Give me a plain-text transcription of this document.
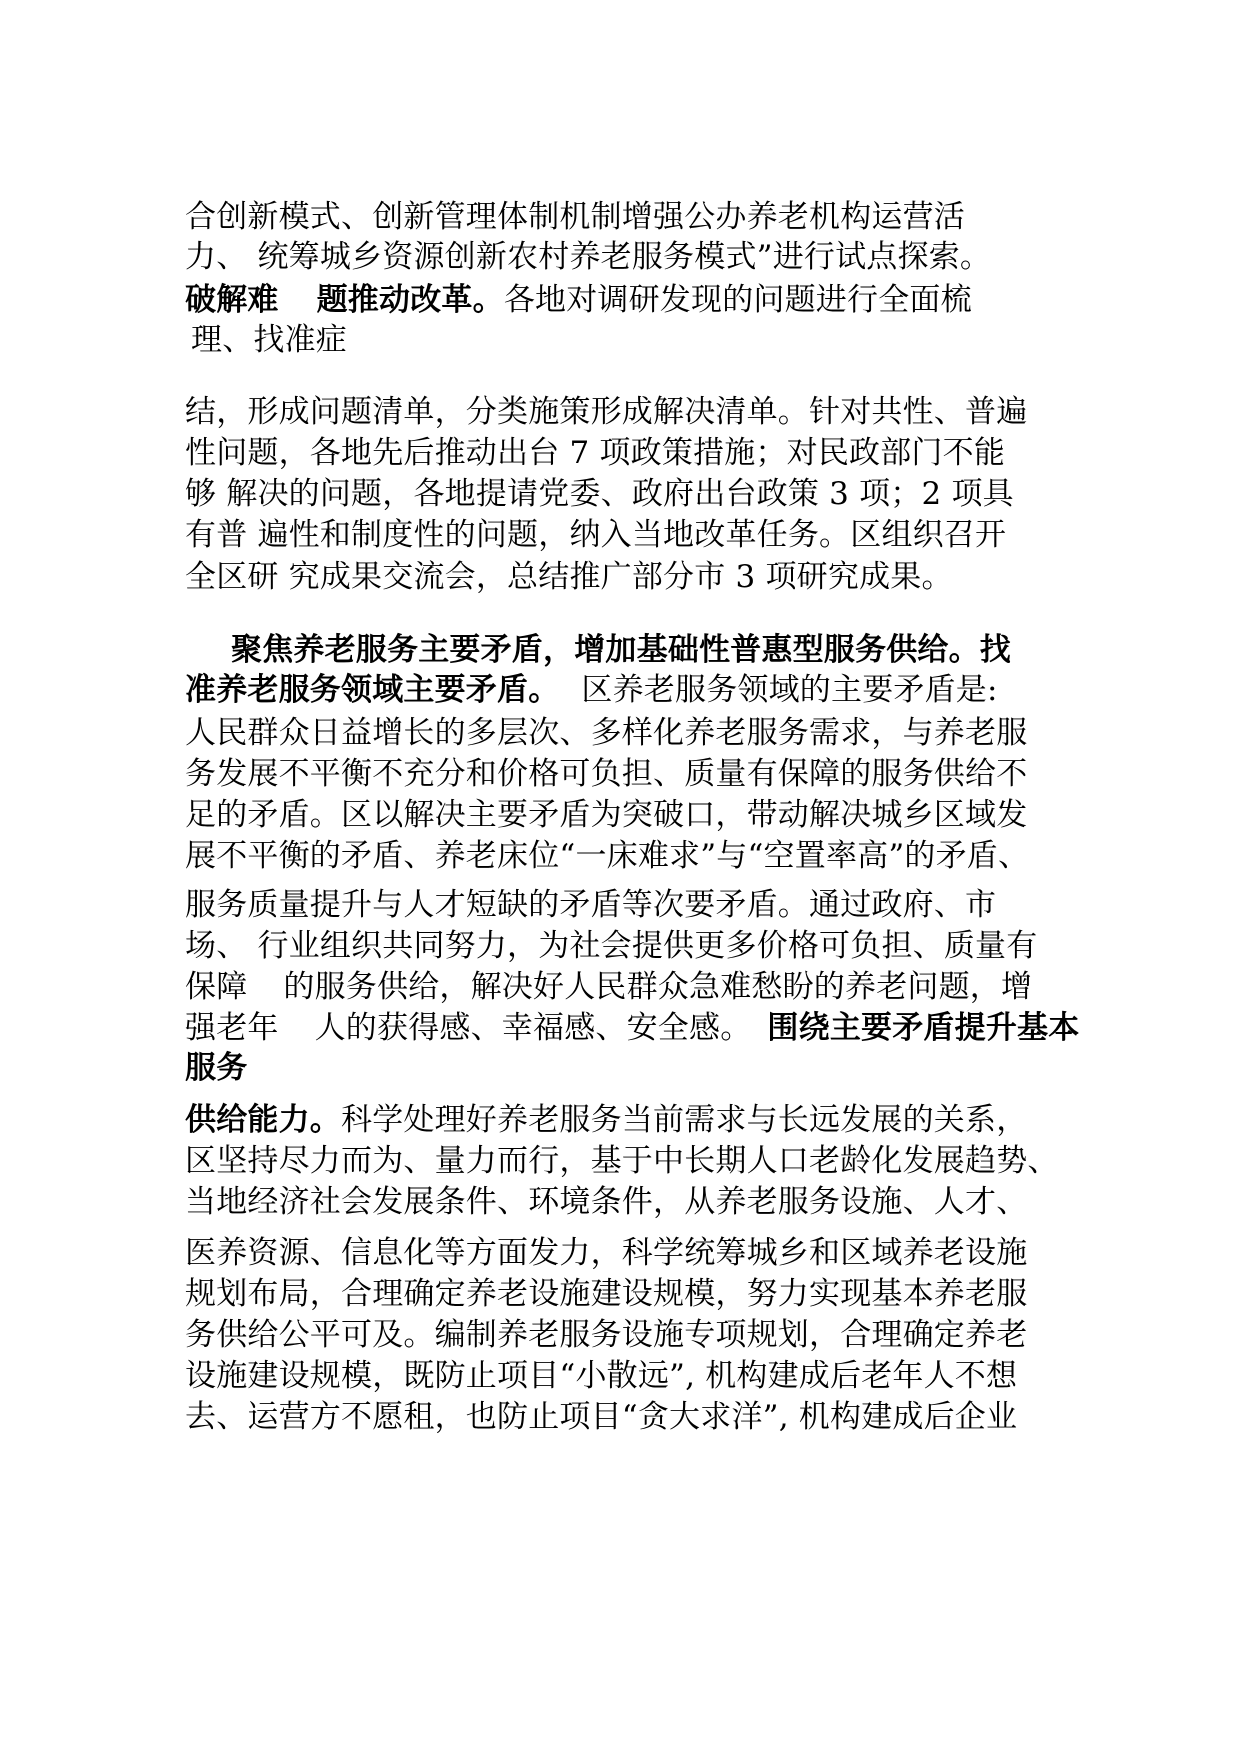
合创新模式、创新管理体制机制增强公办养老机构运营活
力、 统筹城乡资源创新农村养老服务模式”进行试点探索。
破解难 题推动改革。各地对调研发现的问题进行全面梳
理、找准症
结，形成问题清单，分类施策形成解决清单。针对共性、普遍
性问题，各地先后推动出台 7 项政策措施；对民政部门不能
够 解决的问题，各地提请党委、政府出台政策 3 项；2 项具
有普 遍性和制度性的问题，纳入当地改革任务。区组织召开
全区研 究成果交流会，总结推广部分市 3 项研究成果。
聚焦养老服务主要矛盾，增加基础性普惠型服务供给。找
准养老服务领域主要矛盾。 区养老服务领域的主要矛盾是:
人民群众日益增长的多层次、多样化养老服务需求，与养老服
务发展不平衡不充分和价格可负担、质量有保障的服务供给不
足的矛盾。区以解决主要矛盾为突破口，带动解决城乡区域发
展不平衡的矛盾、养老床位“一床难求”与“空置率高”的矛盾、
服务质量提升与人才短缺的矛盾等次要矛盾。通过政府、市
场、 行业组织共同努力，为社会提供更多价格可负担、质量有
保障 的服务供给，解决好人民群众急难愁盼的养老问题，增
强老年 人的获得感、幸福感、安全感。 围绕主要矛盾提升基本
服务
供给能力。科学处理好养老服务当前需求与长远发展的关系，
区坚持尽力而为、量力而行，基于中长期人口老龄化发展趋势、
当地经济社会发展条件、环境条件，从养老服务设施、人才、
医养资源、信息化等方面发力，科学统筹城乡和区域养老设施
规划布局，合理确定养老设施建设规模，努力实现基本养老服
务供给公平可及。编制养老服务设施专项规划，合理确定养老
设施建设规模，既防止项目“小散远”, 机构建成后老年人不想
去、运营方不愿租，也防止项目“贪大求洋”, 机构建成后企业
